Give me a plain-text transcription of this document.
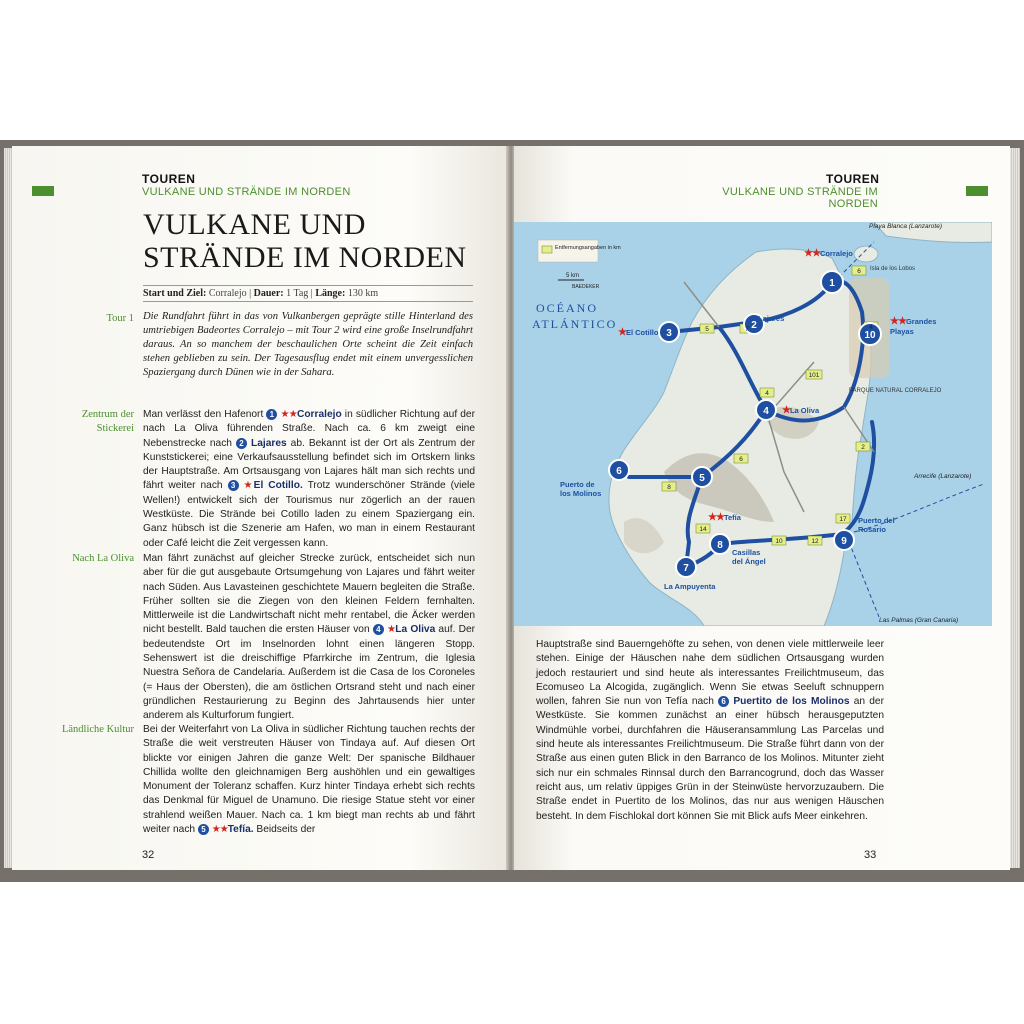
TOUREN
VULKANE UND STRÄNDE IM NORDEN
VULKANE UND
STRÄNDE IM NORDEN
Start und Ziel: Corralejo | Dauer: 1 Tag | Länge: 130 km
Tour 1 Die Rundfahrt führt in das von Vulkanbergen geprägte stille Hinterland des umtriebigen Badeortes Corralejo – mit Tour 2 wird eine große Inselrundfahrt daraus. An so manchem der beschaulichen Orte scheint die Zeit einfach stehen geblieben zu sein. Der Tagesausflug endet mit einem unvergesslichen Spaziergang durch Dünen wie in der Sahara.
Zentrum der Stickerei
Man verlässt den Hafenort 1 ★★Corralejo in südlicher Richtung auf der nach La Oliva führenden Straße. Nach ca. 6 km zweigt eine Nebenstrecke nach 2 Lajares ab. Bekannt ist der Ort als Zentrum der Kunststickerei; eine Verkaufsausstellung befindet sich im Ortskern links der Hauptstraße. Am Ortsausgang von Lajares hält man sich rechts und fährt weiter nach 3 ★El Cotillo. Trotz wunderschöner Strände (viele Wellen!) entwickelt sich der Tourismus nur zögerlich an der rauen Westküste. Die Strände bei Cotillo laden zu einem Spaziergang ein. Ganz hübsch ist die Szenerie am Hafen, wo man in einem Restaurant oder Café leicht die Zeit vergessen kann.
Nach La Oliva Man fährt zunächst auf gleicher Strecke zurück, entscheidet sich nun aber für die gut ausgebaute Ortsumgehung von Lajares und fährt weiter nach Süden. Aus Lavasteinen geschichtete Mauern begleiten die Straße. Früher sollten sie die Ziegen von den kleinen Feldern fernhalten. Mittlerweile ist die Landwirtschaft nicht mehr rentabel, die Äcker werden nicht bestellt. Bald tauchen die ersten Häuser von 4 ★La Oliva auf. Der bedeutendste Ort im Inselnorden lohnt einen längeren Stopp. Sehenswert ist die dreischiffige Pfarrkirche im Zentrum, die Iglesia Nuestra Señora de Candelaria. Außerdem ist die Casa de los Coroneles (= Haus der Obersten), die am östlichen Ortsrand steht und nach einer gründlichen Restaurierung zu Beginn des Jahrtausends hier unter anderem als Kulturforum fungiert.
Ländliche Kultur Bei der Weiterfahrt von La Oliva in südlicher Richtung tauchen rechts der Straße die weit verstreuten Häuser von Tindaya auf. Auf diesen Ort blickte vor einigen Jahren die ganze Welt: Der spanische Bildhauer Chillida wollte den gleichnamigen Berg aushöhlen und ein gewaltiges Monument der Toleranz schaffen. Kurz hinter Tindaya erhebt sich rechts das Denkmal für Miguel de Unamuno. Die riesige Statue steht vor einer strahlend weißen Mauer. Nach ca. 1 km biegt man rechts ab und fährt weiter nach 5 ★★Tefía. Beidseits der
32
TOUREN
VULKANE UND STRÄNDE IM NORDEN
1
2
3
4
5
6
7
8	9
10
OCÉANO
ATLÁNTICO
Entfernungsangaben in km
5 km
BAEDEKER
Playa Blanca (Lanzarote)
Isla de los Lobos
PARQUE NATURAL CORRALEJO
Arrecife (Lanzarote)
Las Palmas (Gran Canaria)
6
7
5
101
4
2
8
6
14
12
10
17
4
★★Corralejo
Lajares
★El Cotillo
★La Oliva
★★Tefía
Puerto de los Molinos
La Ampuyenta
Casillas del Ángel
Puerto del Rosario
★★Grandes Playas
Hauptstraße sind Bauerngehöfte zu sehen, von denen viele mittlerweile leer stehen. Einige der Häuschen nahe dem südlichen Ortsausgang wurden jedoch restauriert und sind heute als interessantes Freilichtmuseum, das Ecomuseo La Alcogida, zugänglich. Wenn Sie etwas Seeluft schnuppern wollen, fahren Sie nun von Tefía nach 6 Puertito de los Molinos an der Westküste. Sie kommen zunächst an einer hübsch herausgeputzten Windmühle vorbei, durchfahren die Häuseransammlung Las Parcelas und sind heute als interessantes Freilichtmuseum. Die Straße führt dann von der Straße aus einen guten Blick in den Barranco de los Molinos. Mitunter zieht sich nur ein schmales Rinnsal durch den Barrancogrund, doch das Wasser reicht aus, um relativ üppiges Grün in der Steinwüste hervorzuzaubern. Die Straße endet in Puertito de los Molinos, das nur aus wenigen Häuschen besteht. In dem Fischlokal dort können Sie mit Blick aufs Meer einkehren.
33
